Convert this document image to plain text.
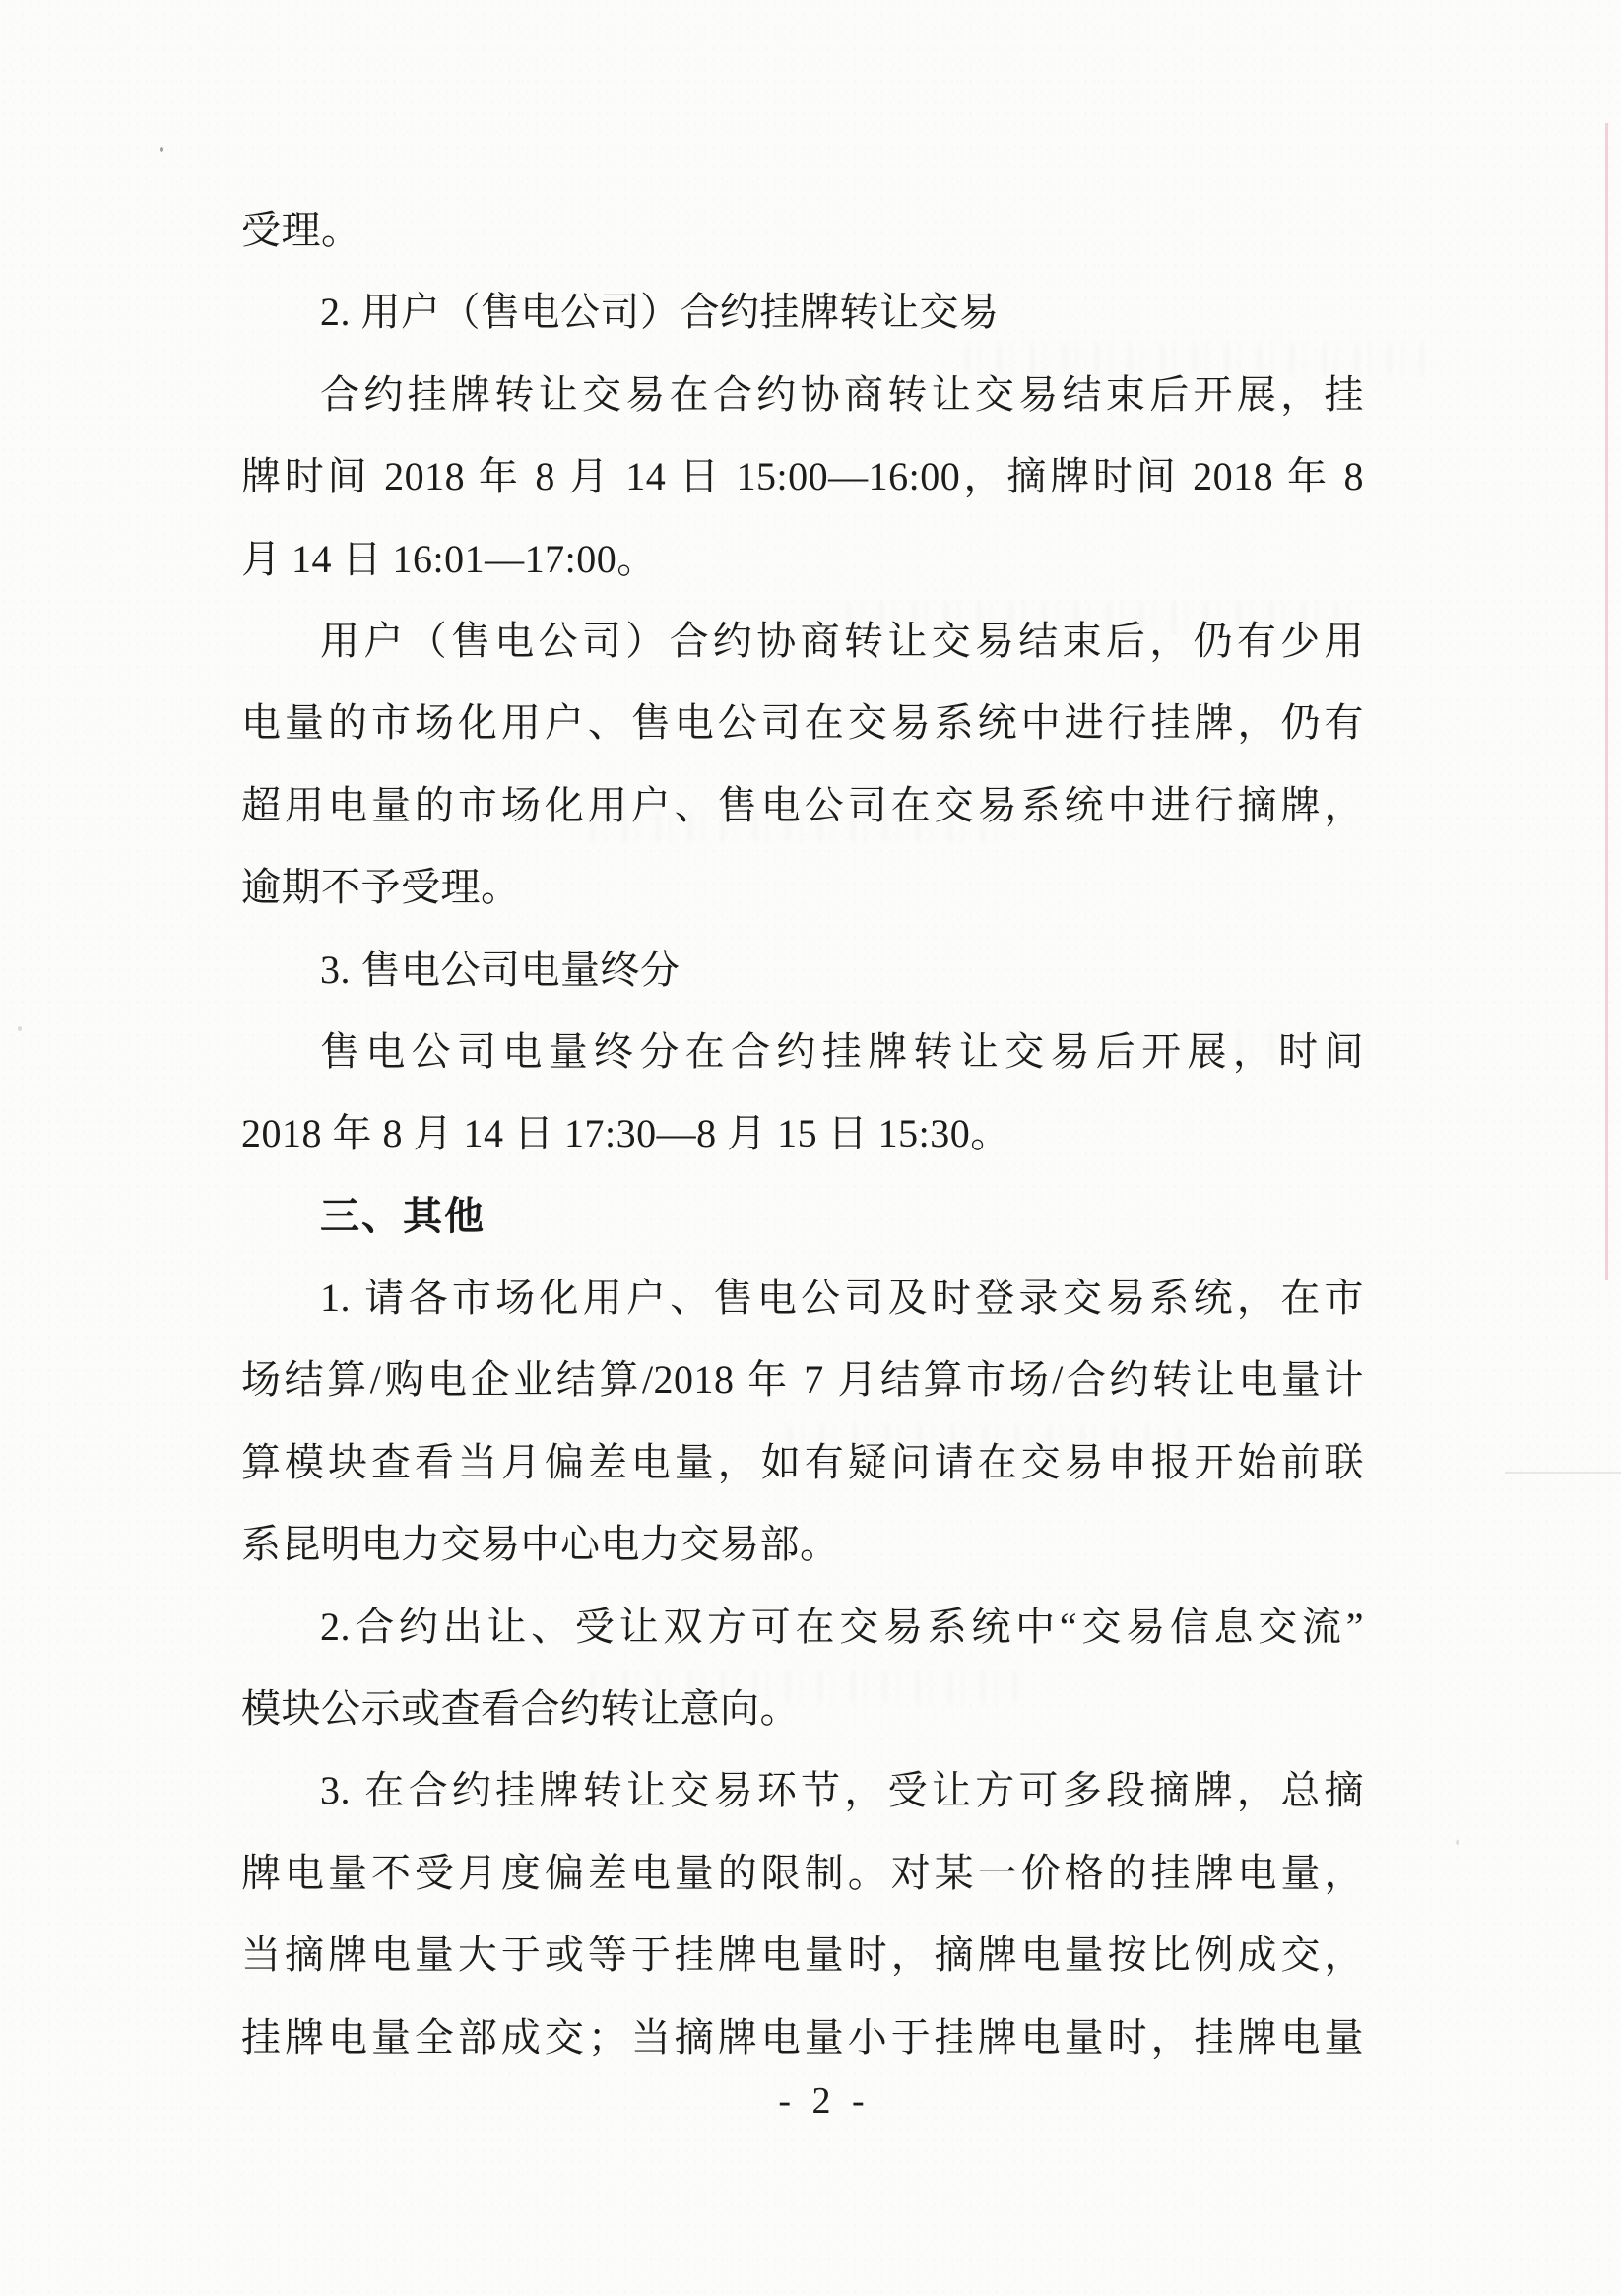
受理。
2. 用户（售电公司）合约挂牌转让交易
合约挂牌转让交易在合约协商转让交易结束后开展，挂
牌时间 2018 年 8 月 14 日 15:00—16:00，摘牌时间 2018 年 8
月 14 日 16:01—17:00。
用户（售电公司）合约协商转让交易结束后，仍有少用
电量的市场化用户、售电公司在交易系统中进行挂牌，仍有
超用电量的市场化用户、售电公司在交易系统中进行摘牌，
逾期不予受理。
3. 售电公司电量终分
售电公司电量终分在合约挂牌转让交易后开展，时间
2018 年 8 月 14 日 17:30—8 月 15 日 15:30。
三、其他
1. 请各市场化用户、售电公司及时登录交易系统，在市
场结算/购电企业结算/2018 年 7 月结算市场/合约转让电量计
算模块查看当月偏差电量，如有疑问请在交易申报开始前联
系昆明电力交易中心电力交易部。
2.合约出让、受让双方可在交易系统中“交易信息交流”
模块公示或查看合约转让意向。
3. 在合约挂牌转让交易环节，受让方可多段摘牌，总摘
牌电量不受月度偏差电量的限制。对某一价格的挂牌电量，
当摘牌电量大于或等于挂牌电量时，摘牌电量按比例成交，
挂牌电量全部成交；当摘牌电量小于挂牌电量时，挂牌电量
- 2 -
